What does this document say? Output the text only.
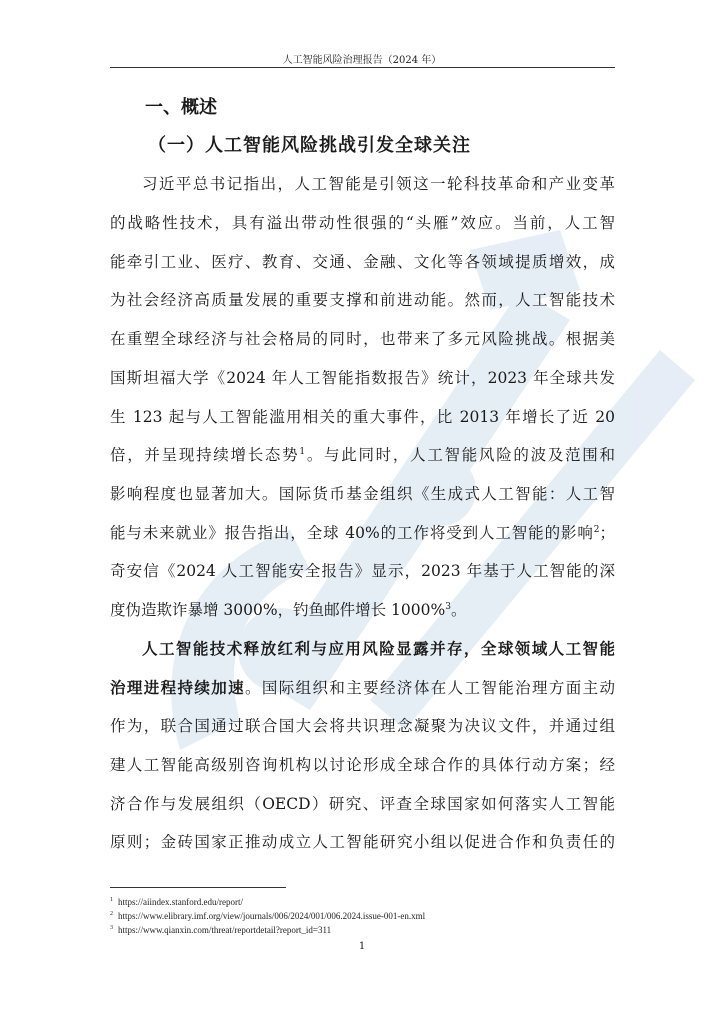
人工智能风险治理报告（2024 年）
一、概述
（一）人工智能风险挑战引发全球关注
习近平总书记指出，人工智能是引领这一轮科技革命和产业变革
的战略性技术，具有溢出带动性很强的“头雁”效应。当前，人工智
能牵引工业、医疗、教育、交通、金融、文化等各领域提质增效，成
为社会经济高质量发展的重要支撑和前进动能。然而，人工智能技术
在重塑全球经济与社会格局的同时，也带来了多元风险挑战。根据美
国斯坦福大学《2024 年人工智能指数报告》统计，2023 年全球共发
生 123 起与人工智能滥用相关的重大事件，比 2013 年增长了近 20
倍，并呈现持续增长态势$^1$。与此同时，人工智能风险的波及范围和
影响程度也显著加大。国际货币基金组织《生成式人工智能：人工智
能与未来就业》报告指出，全球 40%的工作将受到人工智能的影响$^2$；
奇安信《2024 人工智能安全报告》显示，2023 年基于人工智能的深
度伪造欺诈暴增 3000%，钓鱼邮件增长 1000%$^3$。
人工智能技术释放红利与应用风险显露并存，全球领域人工智能
治理进程持续加速。国际组织和主要经济体在人工智能治理方面主动
作为，联合国通过联合国大会将共识理念凝聚为决议文件，并通过组
建人工智能高级别咨询机构以讨论形成全球合作的具体行动方案；经
济合作与发展组织（OECD）研究、评查全球国家如何落实人工智能
原则；金砖国家正推动成立人工智能研究小组以促进合作和负责任的
$^1$ https://aiindex.stanford.edu/report/
$^2$ https://www.elibrary.imf.org/view/journals/006/2024/001/006.2024.issue-001-en.xml
$^3$ https://www.qianxin.com/threat/reportdetail?report_id=311
1
